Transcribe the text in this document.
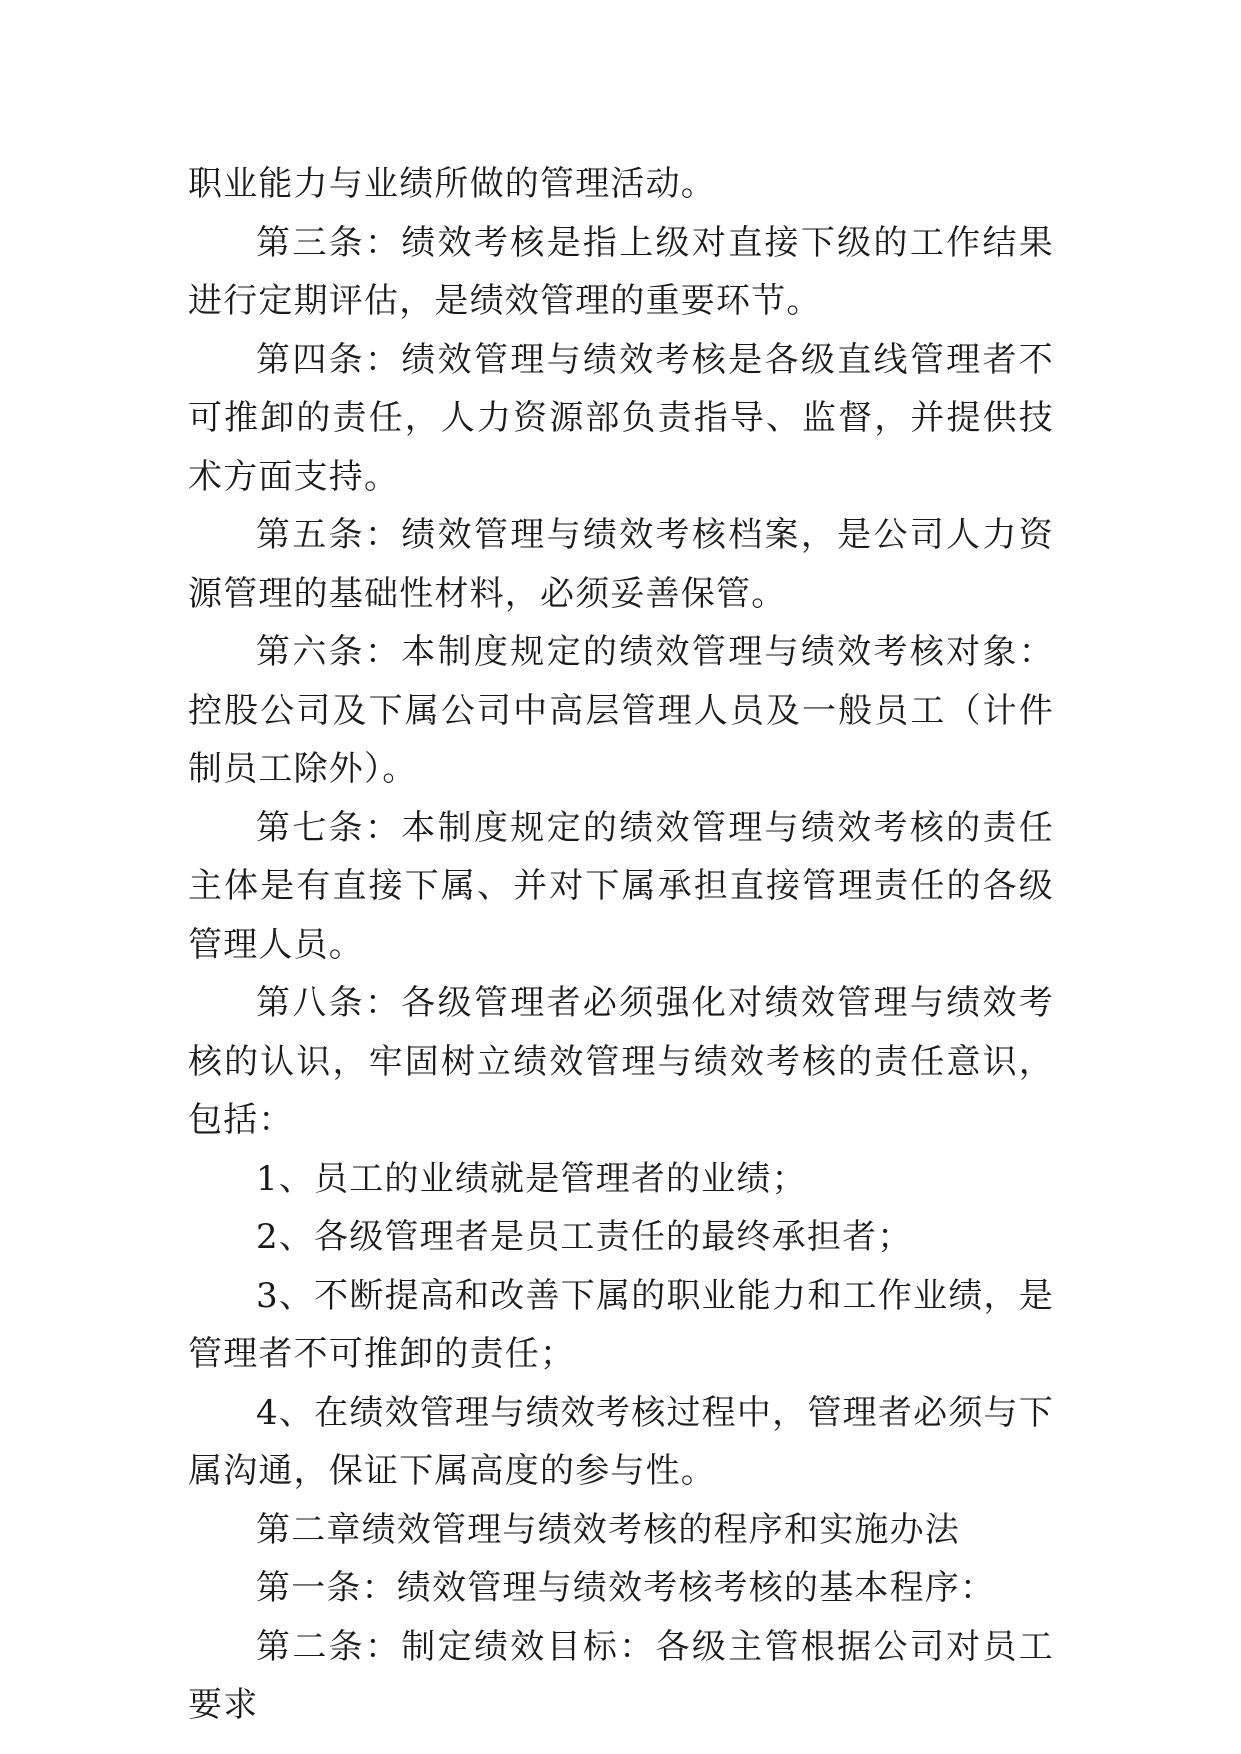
职业能力与业绩所做的管理活动。

第三条：绩效考核是指上级对直接下级的工作结果进行定期评估，是绩效管理的重要环节。

第四条：绩效管理与绩效考核是各级直线管理者不可推卸的责任，人力资源部负责指导、监督，并提供技术方面支持。

第五条：绩效管理与绩效考核档案，是公司人力资源管理的基础性材料，必须妥善保管。

第六条：本制度规定的绩效管理与绩效考核对象：控股公司及下属公司中高层管理人员及一般员工（计件制员工除外）。

第七条：本制度规定的绩效管理与绩效考核的责任主体是有直接下属、并对下属承担直接管理责任的各级管理人员。

第八条：各级管理者必须强化对绩效管理与绩效考核的认识，牢固树立绩效管理与绩效考核的责任意识，包括：

1、员工的业绩就是管理者的业绩；

2、各级管理者是员工责任的最终承担者；

3、不断提高和改善下属的职业能力和工作业绩，是管理者不可推卸的责任；

4、在绩效管理与绩效考核过程中，管理者必须与下属沟通，保证下属高度的参与性。

第二章绩效管理与绩效考核的程序和实施办法

第一条：绩效管理与绩效考核考核的基本程序：

第二条：制定绩效目标：各级主管根据公司对员工要求
